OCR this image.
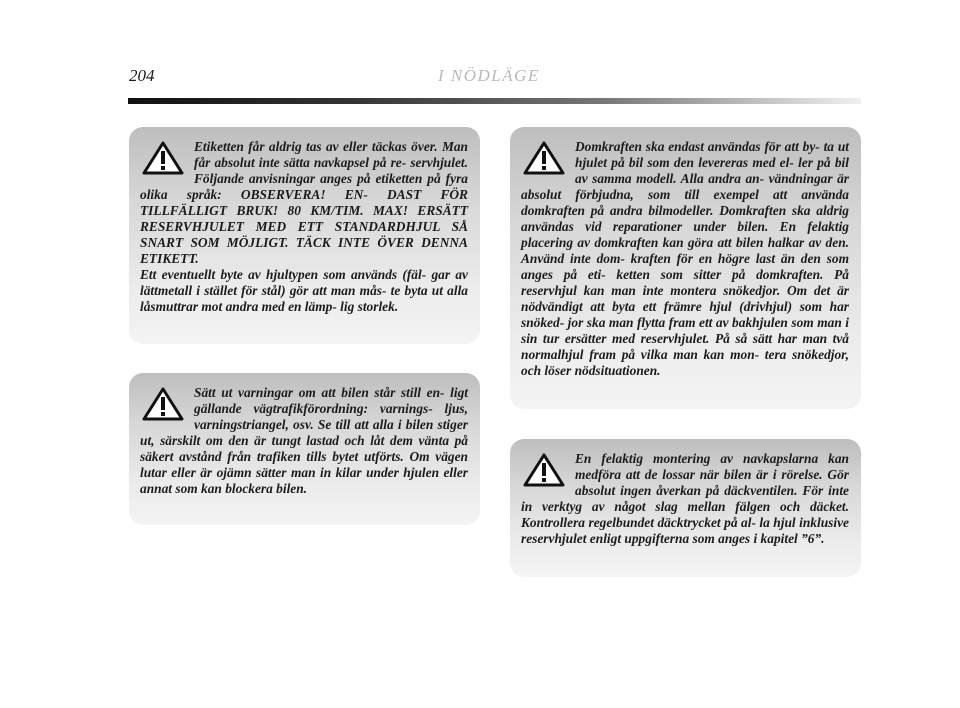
204	I NÖDLÄGE

Etiketten får aldrig tas av eller täckas över. Man får absolut inte sätta navkapsel på re- servhjulet. Följande anvisningar anges på etiketten på fyra olika språk: OBSERVERA! EN- DAST FÖR TILLFÄLLIGT BRUK! 80 KM/TIM. MAX! ERSÄTT RESERVHJULET MED ETT STANDARDHJUL SÅ SNART SOM MÖJLIGT. TÄCK INTE ÖVER DENNA ETIKETT.

Ett eventuellt byte av hjultypen som används (fäl- gar av lättmetall i stället för stål) gör att man mås- te byta ut alla låsmuttrar mot andra med en lämp- lig storlek.

Sätt ut varningar om att bilen står still en- ligt gällande vägtrafikförordning: varnings- ljus, varningstriangel, osv. Se till att alla i bilen stiger ut, särskilt om den är tungt lastad och låt dem vänta på säkert avstånd från trafiken tills bytet utförts. Om vägen lutar eller är ojämn sätter man in kilar under hjulen eller annat som kan blockera bilen.

Domkraften ska endast användas för att by- ta ut hjulet på bil som den levereras med el- ler på bil av samma modell. Alla andra an- vändningar är absolut förbjudna, som till exempel att använda domkraften på andra bilmodeller. Domkraften ska aldrig användas vid reparationer under bilen. En felaktig placering av domkraften kan göra att bilen halkar av den. Använd inte dom- kraften för en högre last än den som anges på eti- ketten som sitter på domkraften. På reservhjul kan man inte montera snökedjor. Om det är nödvändigt att byta ett främre hjul (drivhjul) som har snöked- jor ska man flytta fram ett av bakhjulen som man i sin tur ersätter med reservhjulet. På så sätt har man två normalhjul fram på vilka man kan mon- tera snökedjor, och löser nödsituationen.

En felaktig montering av navkapslarna kan medföra att de lossar när bilen är i rörelse. Gör absolut ingen åverkan på däckventilen. För inte in verktyg av något slag mellan fälgen och däcket. Kontrollera regelbundet däcktrycket på al- la hjul inklusive reservhjulet enligt uppgifterna som anges i kapitel ”6”.
